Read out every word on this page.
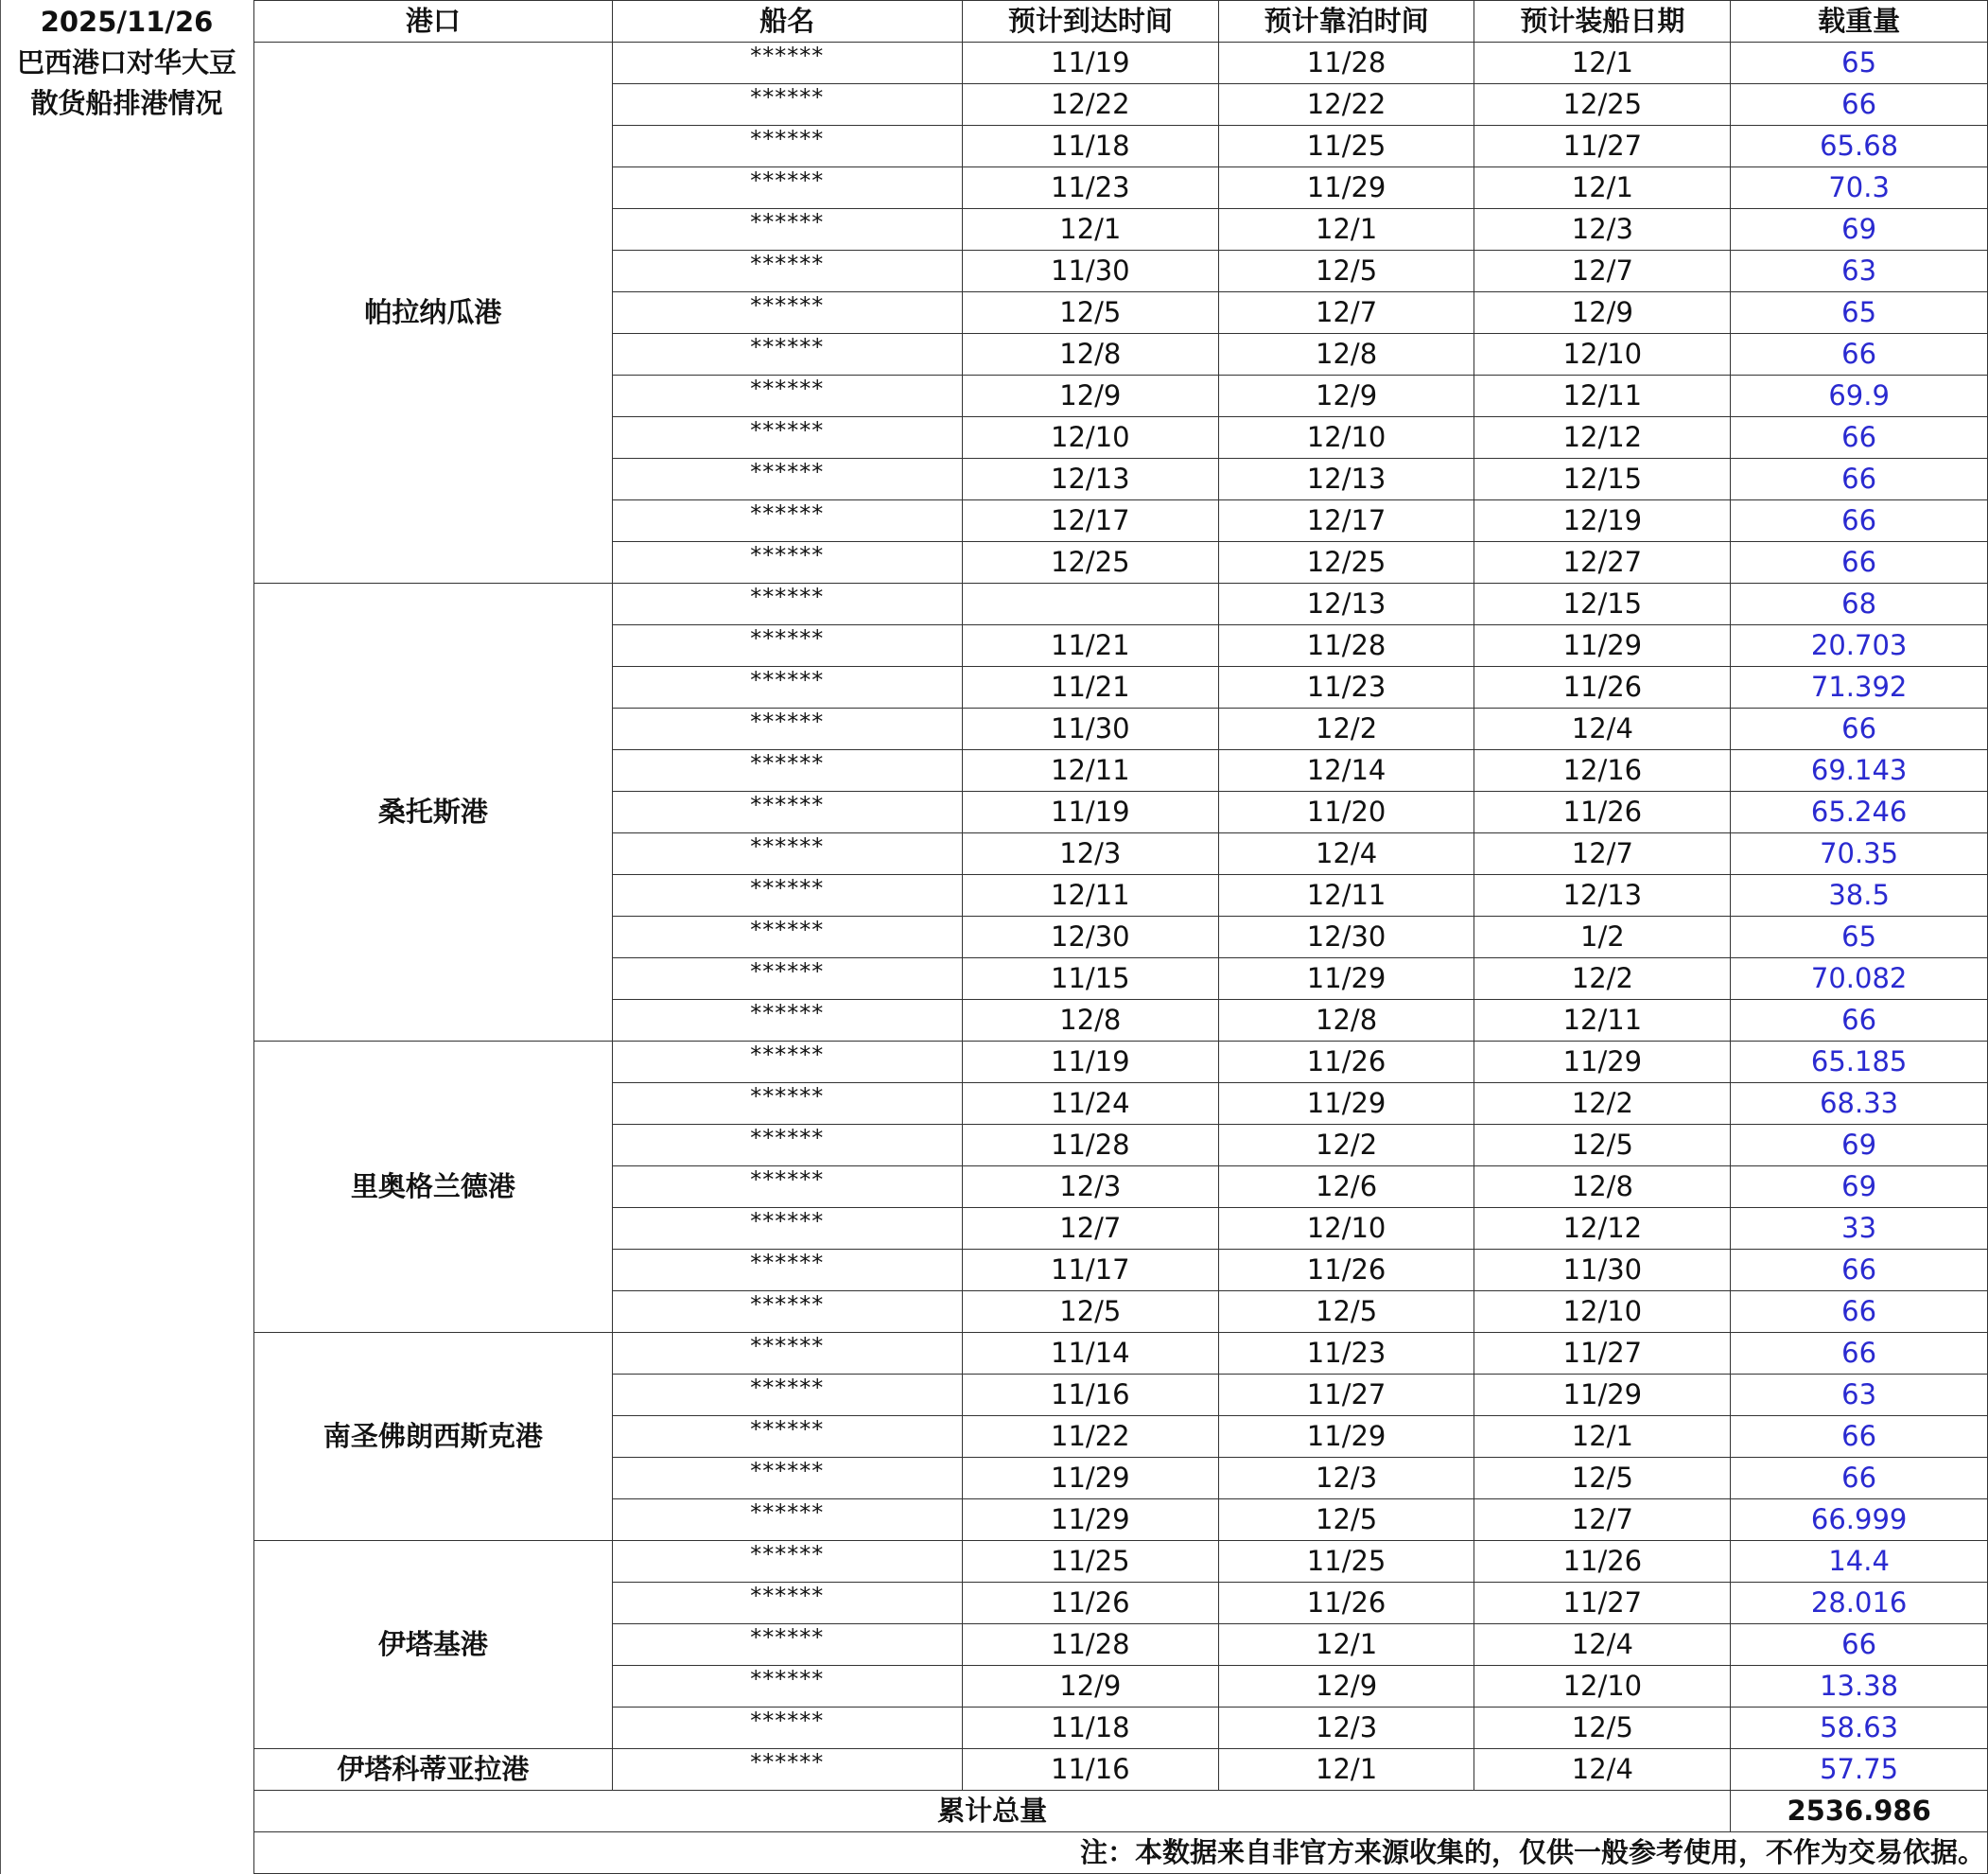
2025/11/26
巴西港口对华大豆
散货船排港情况
港口	船名	预计到达时间	预计靠泊时间	预计装船日期	载重量
帕拉纳瓜港	******	11/19	11/28	12/1	65
	******	12/22	12/22	12/25	66
	******	11/18	11/25	11/27	65.68
	******	11/23	11/29	12/1	70.3
	******	12/1	12/1	12/3	69
	******	11/30	12/5	12/7	63
	******	12/5	12/7	12/9	65
	******	12/8	12/8	12/10	66
	******	12/9	12/9	12/11	69.9
	******	12/10	12/10	12/12	66
	******	12/13	12/13	12/15	66
	******	12/17	12/17	12/19	66
	******	12/25	12/25	12/27	66
桑托斯港	******		12/13	12/15	68
	******	11/21	11/28	11/29	20.703
	******	11/21	11/23	11/26	71.392
	******	11/30	12/2	12/4	66
	******	12/11	12/14	12/16	69.143
	******	11/19	11/20	11/26	65.246
	******	12/3	12/4	12/7	70.35
	******	12/11	12/11	12/13	38.5
	******	12/30	12/30	1/2	65
	******	11/15	11/29	12/2	70.082
	******	12/8	12/8	12/11	66
里奥格兰德港	******	11/19	11/26	11/29	65.185
	******	11/24	11/29	12/2	68.33
	******	11/28	12/2	12/5	69
	******	12/3	12/6	12/8	69
	******	12/7	12/10	12/12	33
	******	11/17	11/26	11/30	66
	******	12/5	12/5	12/10	66
南圣佛朗西斯克港	******	11/14	11/23	11/27	66
	******	11/16	11/27	11/29	63
	******	11/22	11/29	12/1	66
	******	11/29	12/3	12/5	66
	******	11/29	12/5	12/7	66.999
伊塔基港	******	11/25	11/25	11/26	14.4
	******	11/26	11/26	11/27	28.016
	******	11/28	12/1	12/4	66
	******	12/9	12/9	12/10	13.38
	******	11/18	12/3	12/5	58.63
伊塔科蒂亚拉港	******	11/16	12/1	12/4	57.75
累计总量					2536.986
注：本数据来自非官方来源收集的，仅供一般参考使用，不作为交易依据。					
